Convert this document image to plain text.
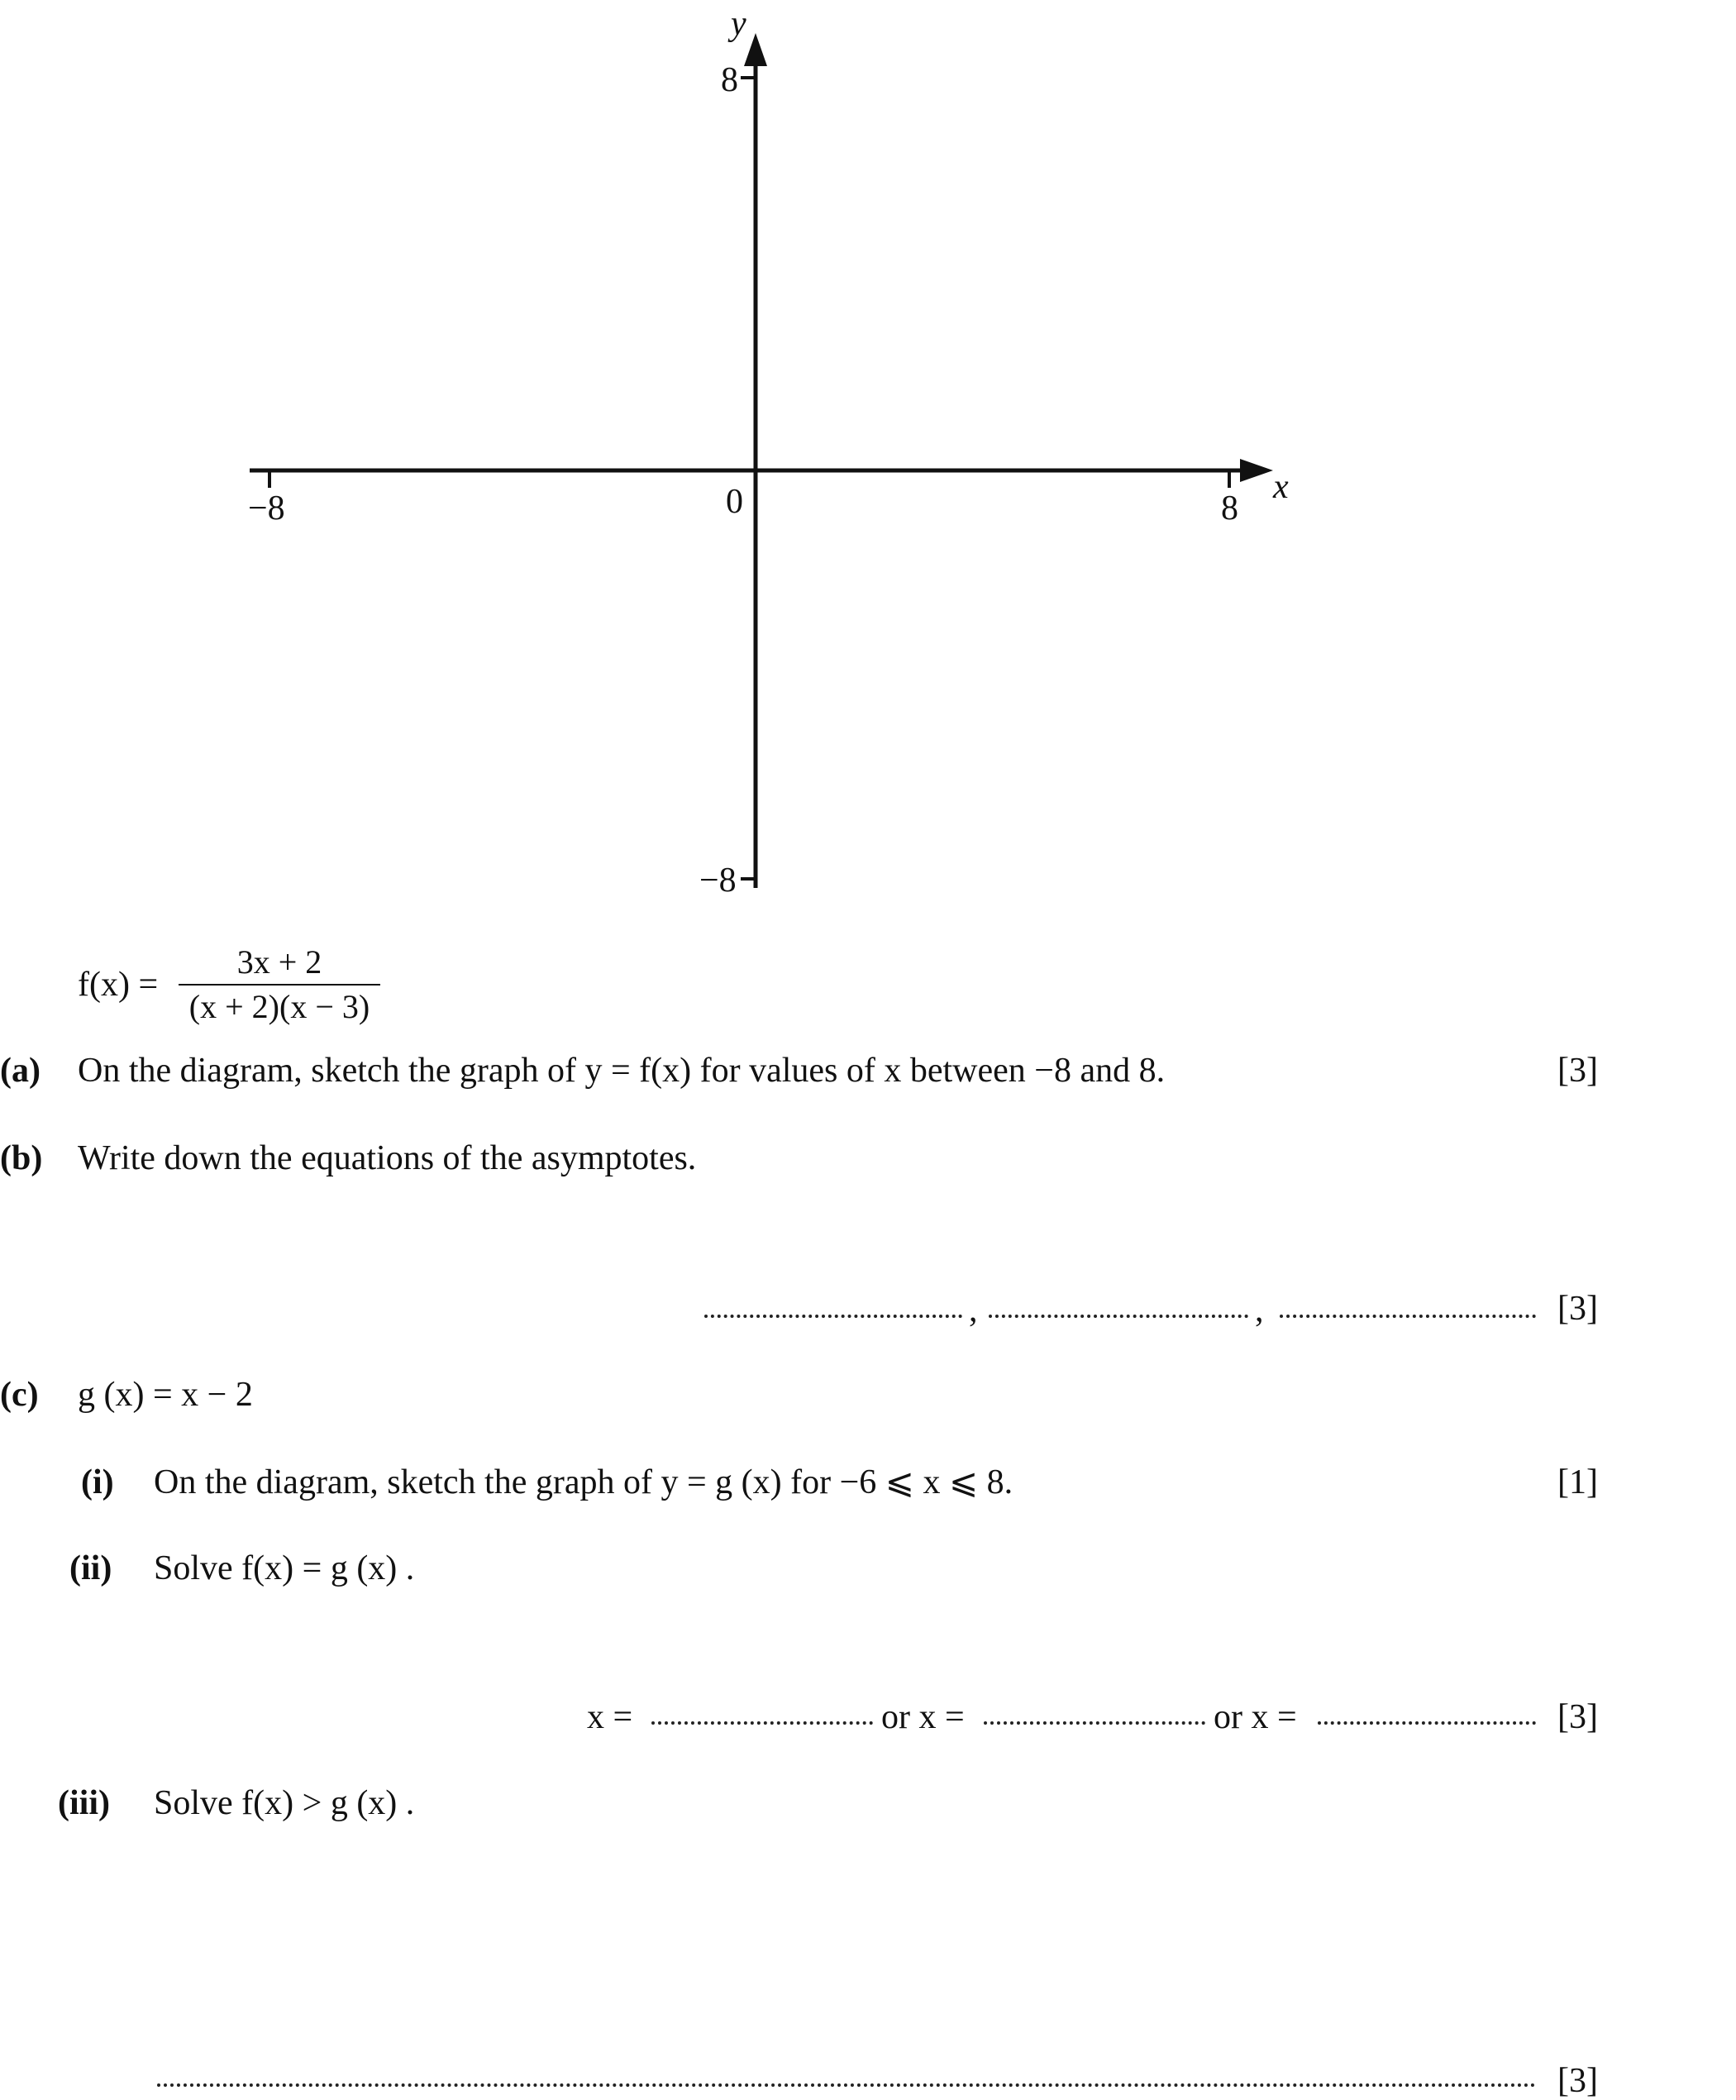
y
x
8
−8
−8	8
0
f(x) =
3x + 2
(x + 2)(x − 3)
(a) On the diagram, sketch the graph of y = f(x) for values of x between −8 and 8.	[3]
(b) Write down the equations of the asymptotes.
,	,	[3]
(c) g (x) = x − 2
(i) On the diagram, sketch the graph of y = g (x) for −6 ⩽ x ⩽ 8.	[1]
(ii) Solve f(x) = g (x) .
x =	or x =	or x =	[3]
(iii) Solve f(x) > g (x) .
[3]
